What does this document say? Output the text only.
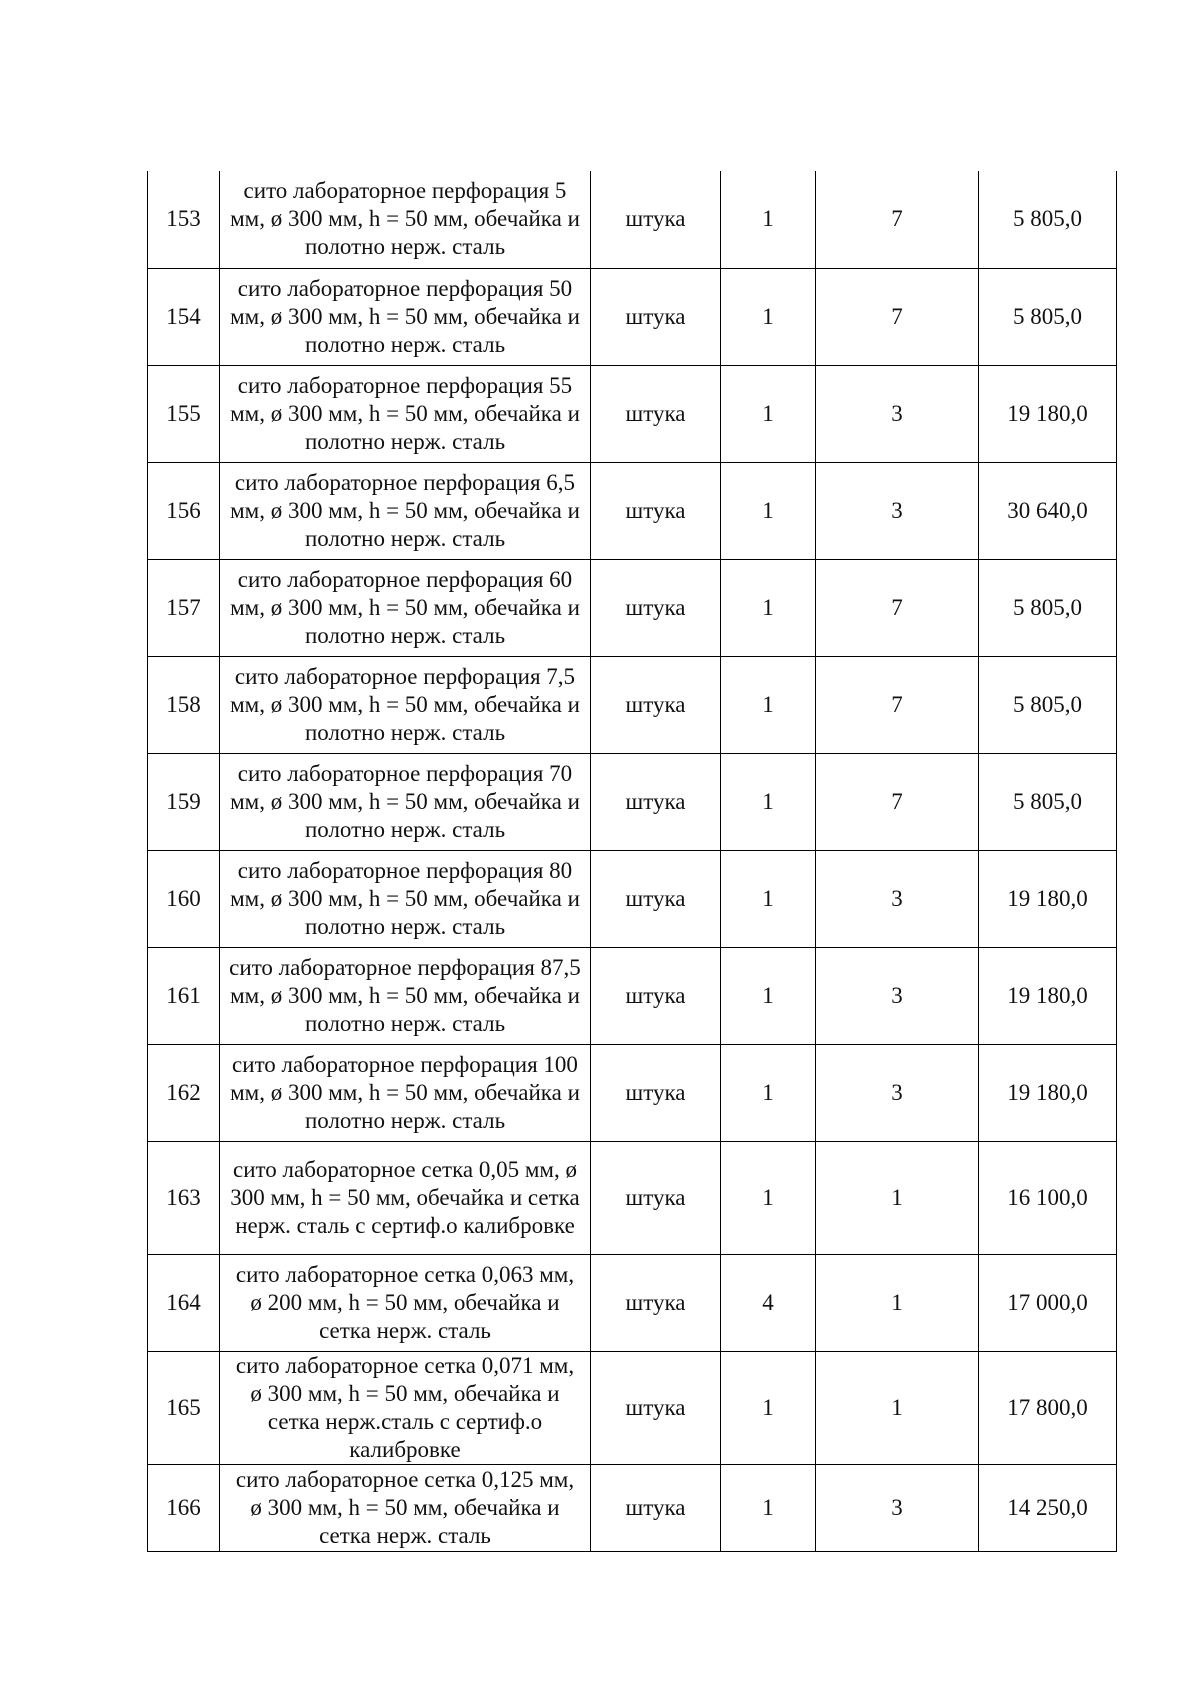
153	сито лабораторное перфорация 5 мм, ø 300 мм, h = 50 мм, обечайка и полотно нерж. сталь	штука	1	7	5 805,0
154	сито лабораторное перфорация 50 мм, ø 300 мм, h = 50 мм, обечайка и полотно нерж. сталь	штука	1	7	5 805,0
155	сито лабораторное перфорация 55 мм, ø 300 мм, h = 50 мм, обечайка и полотно нерж. сталь	штука	1	3	19 180,0
156	сито лабораторное перфорация 6,5 мм, ø 300 мм, h = 50 мм, обечайка и полотно нерж. сталь	штука	1	3	30 640,0
157	сито лабораторное перфорация 60 мм, ø 300 мм, h = 50 мм, обечайка и полотно нерж. сталь	штука	1	7	5 805,0
158	сито лабораторное перфорация 7,5 мм, ø 300 мм, h = 50 мм, обечайка и полотно нерж. сталь	штука	1	7	5 805,0
159	сито лабораторное перфорация 70 мм, ø 300 мм, h = 50 мм, обечайка и полотно нерж. сталь	штука	1	7	5 805,0
160	сито лабораторное перфорация 80 мм, ø 300 мм, h = 50 мм, обечайка и полотно нерж. сталь	штука	1	3	19 180,0
161	сито лабораторное перфорация 87,5 мм, ø 300 мм, h = 50 мм, обечайка и полотно нерж. сталь	штука	1	3	19 180,0
162	сито лабораторное перфорация 100 мм, ø 300 мм, h = 50 мм, обечайка и полотно нерж. сталь	штука	1	3	19 180,0
163	сито лабораторное сетка 0,05 мм, ø 300 мм, h = 50 мм, обечайка и сетка нерж. сталь с сертиф.о калибровке	штука	1	1	16 100,0
164	сито лабораторное сетка 0,063 мм, ø 200 мм, h = 50 мм, обечайка и сетка нерж. сталь	штука	4	1	17 000,0
165	сито лабораторное сетка 0,071 мм, ø 300 мм, h = 50 мм, обечайка и сетка нерж.сталь с сертиф.о калибровке	штука	1	1	17 800,0
166	сито лабораторное сетка 0,125 мм, ø 300 мм, h = 50 мм, обечайка и сетка нерж. сталь	штука	1	3	14 250,0
